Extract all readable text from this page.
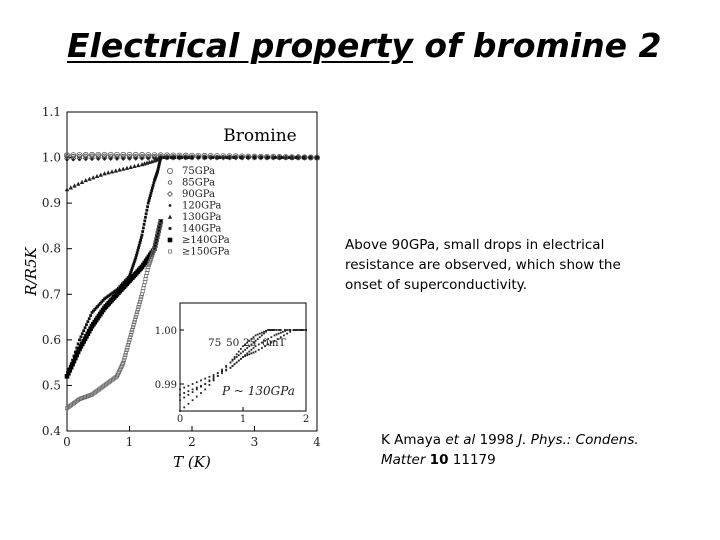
Electrical property of bromine 2
0.4
0.5
0.6
0.7
0.8
0.9
1.0
1.1
0	1	2	3	4
T (K)
R/R5K
Bromine
75GPa
85GPa
90GPa
120GPa
130GPa
140GPa
≥140GPa
≥150GPa
0.99
1.00
0	1	2
75 50 25 0mT
P ~ 130GPa
Above 90GPa, small drops in electrical resistance are observed, which show the onset of superconductivity.
K Amaya et al 1998 J. Phys.: Condens. Matter 10 11179
